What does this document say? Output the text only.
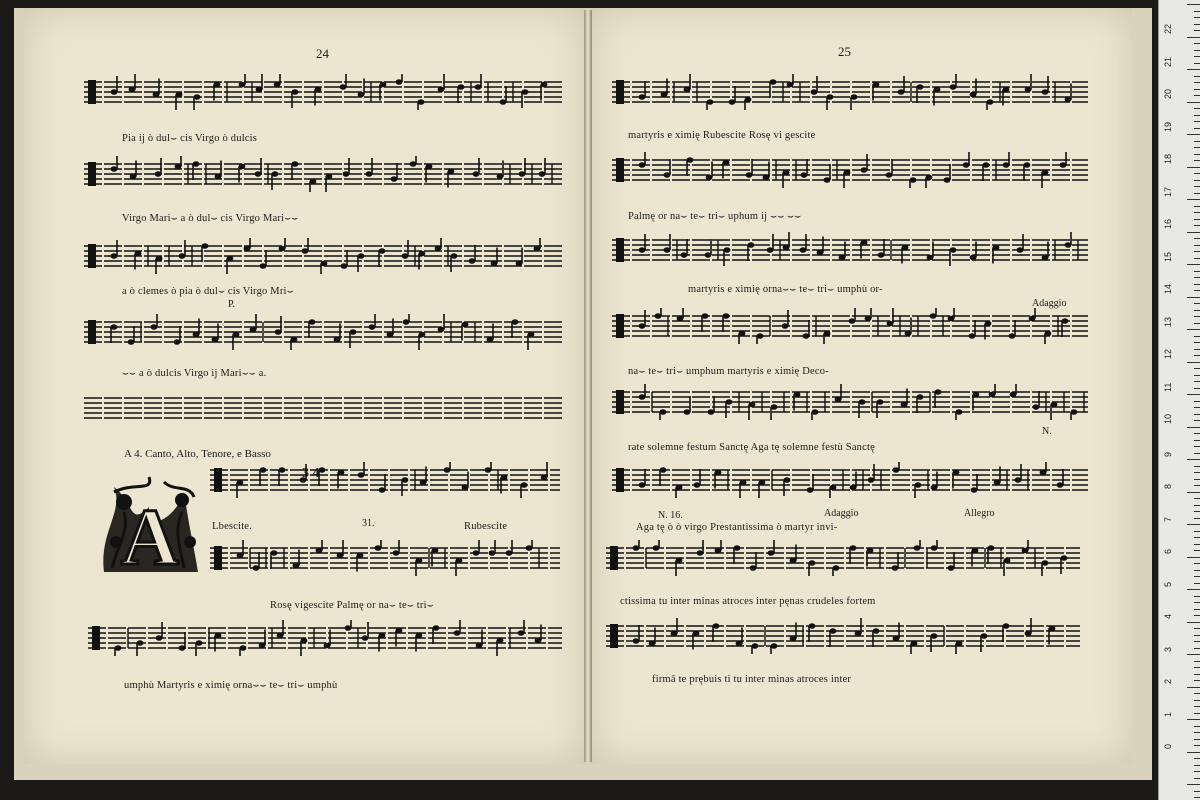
24
Pia ij ò dul⌣ cis Virgo ò dulcis
Virgo Mari⌣ a ò dul⌣ cis Virgo Mari⌣⌣
a ò clemes ò pia ò dul⌣ cis Virgo Mri⌣
P.
⌣⌣ a ò dulcis Virgo ij Mari⌣⌣ a.
A 4. Canto, Alto, Tenore, e Basso
A
3 4
Lbescite.	31.	Rubescite
Rosę vigescite Palmę or na⌣ te⌣ tri⌣
umphù Martyris e ximię orna⌣⌣ te⌣ tri⌣ umphù
25
martyris e ximię Rubescite Rosę vi gescite
Palmę or na⌣ te⌣ tri⌣ uphum ij ⌣⌣ ⌣⌣
martyris e ximię orna⌣⌣ te⌣ tri⌣ umphù or-
Adaggio
na⌣ te⌣ tri⌣ umphum martyris e ximię Deco-
N.
rate solemne festum Sanctę Aga tę solemne festù Sanctę
N. 16.	Adaggio	Allegro
Aga tę ò ò virgo Prestantissima ò martyr invi-
ctissima tu inter minas atroces inter pęnas crudeles fortem
firmā te prębuis ti tu inter minas atroces inter
22
21
20
19
18
17
16
15
14
13
12
11
10
9
8
7
6
5
4
3
2
1
0
